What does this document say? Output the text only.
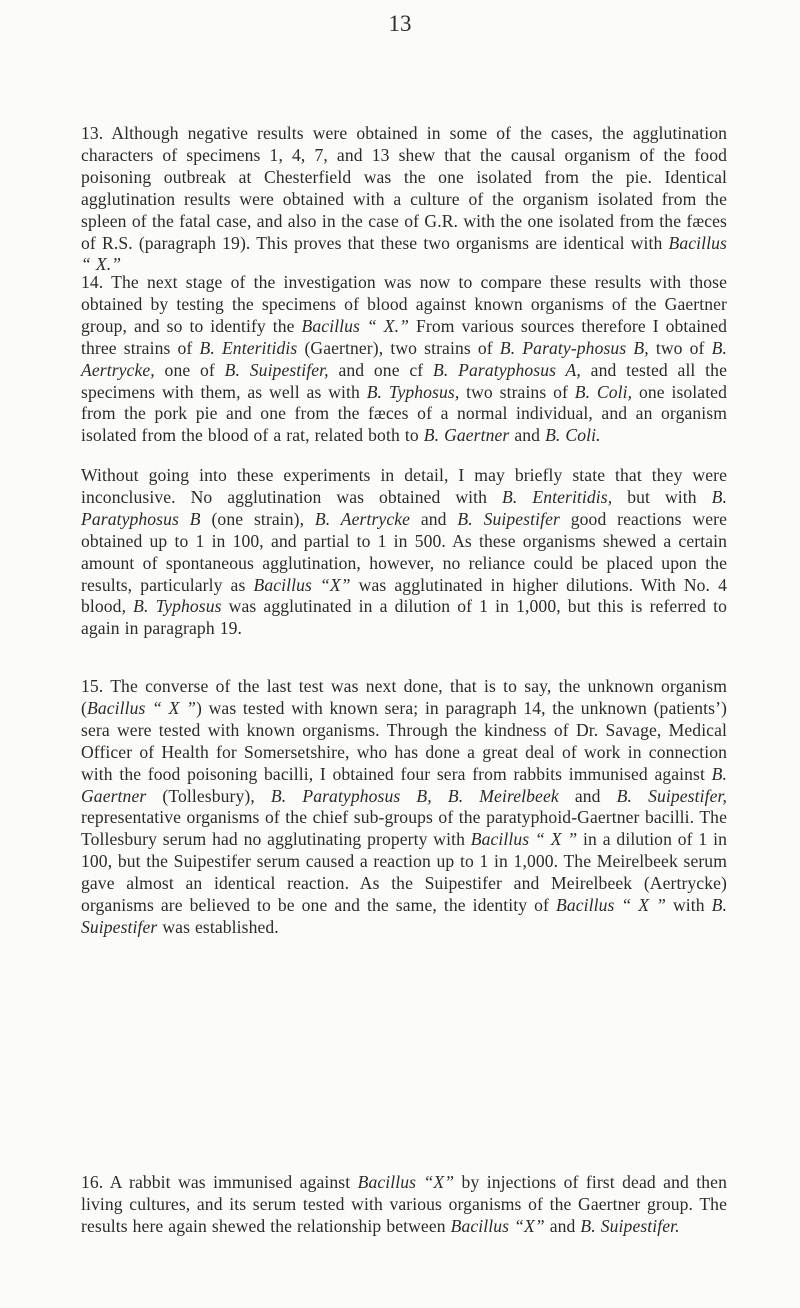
13

13. Although negative results were obtained in some of the cases, the agglutination characters of specimens 1, 4, 7, and 13 shew that the causal organism of the food poisoning outbreak at Chesterfield was the one isolated from the pie. Identical agglutination results were obtained with a culture of the organism isolated from the spleen of the fatal case, and also in the case of G.R. with the one isolated from the fæces of R.S. (paragraph 19). This proves that these two organisms are identical with Bacillus “ X.”

14. The next stage of the investigation was now to compare these results with those obtained by testing the specimens of blood against known organisms of the Gaertner group, and so to identify the Bacillus “ X.” From various sources therefore I obtained three strains of B. Enteritidis (Gaertner), two strains of B. Paraty-phosus B, two of B. Aertrycke, one of B. Suipestifer, and one cf B. Paratyphosus A, and tested all the specimens with them, as well as with B. Typhosus, two strains of B. Coli, one isolated from the pork pie and one from the fæces of a normal individual, and an organism isolated from the blood of a rat, related both to B. Gaertner and B. Coli.

Without going into these experiments in detail, I may briefly state that they were inconclusive. No agglutination was obtained with B. Enteritidis, but with B. Paratyphosus B (one strain), B. Aertrycke and B. Suipestifer good reactions were obtained up to 1 in 100, and partial to 1 in 500. As these organisms shewed a certain amount of spontaneous agglutination, however, no reliance could be placed upon the results, particularly as Bacillus “X” was agglutinated in higher dilutions. With No. 4 blood, B. Typhosus was agglutinated in a dilution of 1 in 1,000, but this is referred to again in paragraph 19.

15. The converse of the last test was next done, that is to say, the unknown organism (Bacillus “ X ”) was tested with known sera; in paragraph 14, the unknown (patients’) sera were tested with known organisms. Through the kindness of Dr. Savage, Medical Officer of Health for Somersetshire, who has done a great deal of work in connection with the food poisoning bacilli, I obtained four sera from rabbits immunised against B. Gaertner (Tollesbury), B. Paratyphosus B, B. Meirelbeek and B. Suipestifer, representative organisms of the chief sub-groups of the paratyphoid-Gaertner bacilli. The Tollesbury serum had no agglutinating property with Bacillus “ X ” in a dilution of 1 in 100, but the Suipestifer serum caused a reaction up to 1 in 1,000. The Meirelbeek serum gave almost an identical reaction. As the Suipestifer and Meirelbeek (Aertrycke) organisms are believed to be one and the same, the identity of Bacillus “ X ” with B. Suipestifer was established.

16. A rabbit was immunised against Bacillus “X” by injections of first dead and then living cultures, and its serum tested with various organisms of the Gaertner group. The results here again shewed the relationship between Bacillus “X” and B. Suipestifer.
